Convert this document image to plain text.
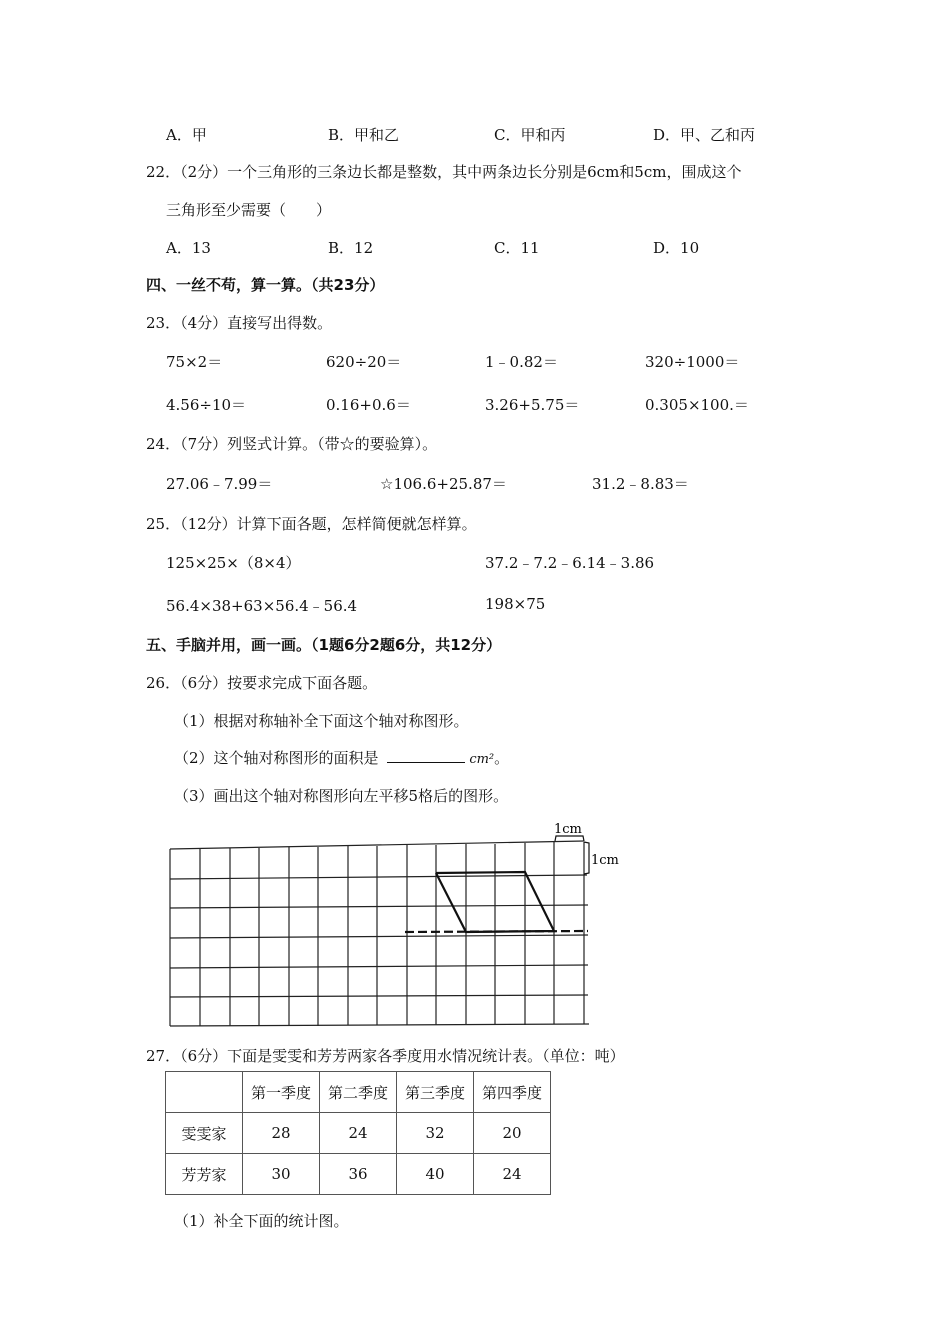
A．甲	B．甲和乙	C．甲和丙	D．甲、乙和丙
22．（2分）一个三角形的三条边长都是整数，其中两条边长分别是6cm和5cm，围成这个
三角形至少需要（　　）
A．13	B．12	C．11	D．10
四、一丝不苟，算一算。（共23分）
23．（4分）直接写出得数。
75×2＝	620÷20＝	1﹣0.82＝	320÷1000＝
4.56÷10＝	0.16+0.6＝	3.26+5.75＝	0.305×100.＝
24．（7分）列竖式计算。（带☆的要验算）。
27.06﹣7.99＝	☆106.6+25.87＝	31.2﹣8.83＝
25．（12分）计算下面各题，怎样简便就怎样算。
125×25×（8×4）	37.2﹣7.2﹣6.14﹣3.86
56.4×38+63×56.4﹣56.4	198×75
五、手脑并用，画一画。（1题6分2题6分，共12分）
26．（6分）按要求完成下面各题。
（1）根据对称轴补全下面这个轴对称图形。
（2）这个轴对称图形的面积是	cm²。
（3）画出这个轴对称图形向左平移5格后的图形。
1cm
1cm
27．（6分）下面是雯雯和芳芳两家各季度用水情况统计表。（单位：吨）
	第一季度	第二季度	第三季度	第四季度
雯雯家	28	24	32	20
芳芳家	30	36	40	24
（1）补全下面的统计图。
